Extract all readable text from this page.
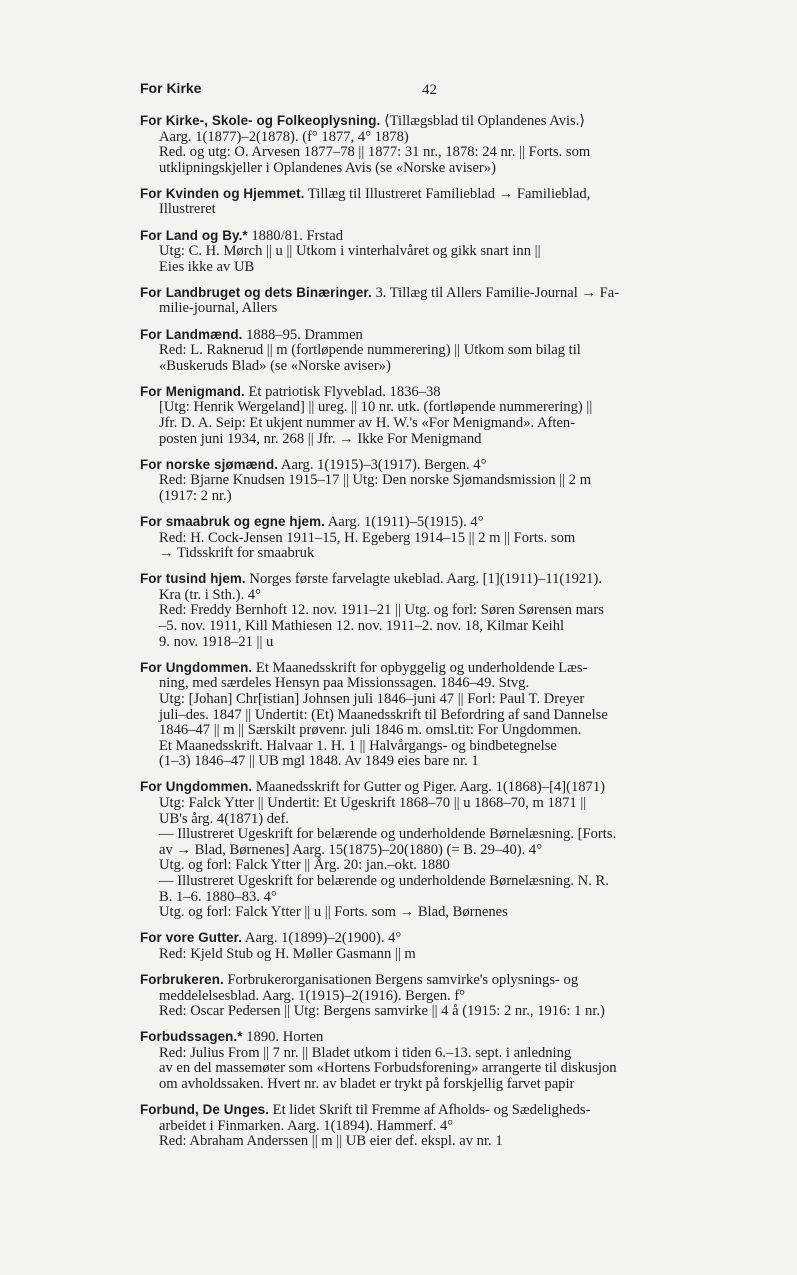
For Kirke	42
For Kirke-, Skole- og Folkeoplysning. ⟨Tillægsblad til Oplandenes Avis.⟩
Aarg. 1(1877)–2(1878). (f° 1877, 4° 1878)
Red. og utg: O. Arvesen 1877–78 || 1877: 31 nr., 1878: 24 nr. || Forts. som
utklipningskjeller i Oplandenes Avis (se «Norske aviser»)
For Kvinden og Hjemmet. Tillæg til Illustreret Familieblad → Familieblad,
Illustreret
For Land og By.* 1880/81. Frstad
Utg: C. H. Mørch || u || Utkom i vinterhalvåret og gikk snart inn ||
Eies ikke av UB
For Landbruget og dets Binæringer. 3. Tillæg til Allers Familie-Journal → Fa-
milie-journal, Allers
For Landmænd. 1888–95. Drammen
Red: L. Raknerud || m (fortløpende nummerering) || Utkom som bilag til
«Buskeruds Blad» (se «Norske aviser»)
For Menigmand. Et patriotisk Flyveblad. 1836–38
[Utg: Henrik Wergeland] || ureg. || 10 nr. utk. (fortløpende nummerering) ||
Jfr. D. A. Seip: Et ukjent nummer av H. W.'s «For Menigmand». Aften-
posten juni 1934, nr. 268 || Jfr. → Ikke For Menigmand
For norske sjømænd. Aarg. 1(1915)–3(1917). Bergen. 4°
Red: Bjarne Knudsen 1915–17 || Utg: Den norske Sjømandsmission || 2 m
(1917: 2 nr.)
For smaabruk og egne hjem. Aarg. 1(1911)–5(1915). 4°
Red: H. Cock-Jensen 1911–15, H. Egeberg 1914–15 || 2 m || Forts. som
→ Tidsskrift for smaabruk
For tusind hjem. Norges første farvelagte ukeblad. Aarg. [1](1911)–11(1921).
Kra (tr. i Sth.). 4°
Red: Freddy Bernhoft 12. nov. 1911–21 || Utg. og forl: Søren Sørensen mars
–5. nov. 1911, Kill Mathiesen 12. nov. 1911–2. nov. 18, Kilmar Keihl
9. nov. 1918–21 || u
For Ungdommen. Et Maanedsskrift for opbyggelig og underholdende Læs-
ning, med særdeles Hensyn paa Missionssagen. 1846–49. Stvg.
Utg: [Johan] Chr[istian] Johnsen juli 1846–juni 47 || Forl: Paul T. Dreyer
juli–des. 1847 || Undertit: (Et) Maanedsskrift til Befordring af sand Dannelse
1846–47 || m || Særskilt prøvenr. juli 1846 m. omsl.tit: For Ungdommen.
Et Maanedsskrift. Halvaar 1. H. 1 || Halvårgangs- og bindbetegnelse
(1–3) 1846–47 || UB mgl 1848. Av 1849 eies bare nr. 1
For Ungdommen. Maanedsskrift for Gutter og Piger. Aarg. 1(1868)–[4](1871)
Utg: Falck Ytter || Undertit: Et Ugeskrift 1868–70 || u 1868–70, m 1871 ||
UB's årg. 4(1871) def.
— Illustreret Ugeskrift for belærende og underholdende Børnelæsning. [Forts.
av → Blad, Børnenes] Aarg. 15(1875)–20(1880) (= B. 29–40). 4°
Utg. og forl: Falck Ytter || Årg. 20: jan.–okt. 1880
— Illustreret Ugeskrift for belærende og underholdende Børnelæsning. N. R.
B. 1–6. 1880–83. 4°
Utg. og forl: Falck Ytter || u || Forts. som → Blad, Børnenes
For vore Gutter. Aarg. 1(1899)–2(1900). 4°
Red: Kjeld Stub og H. Møller Gasmann || m
Forbrukeren. Forbrukerorganisationen Bergens samvirke's oplysnings- og
meddelelsesblad. Aarg. 1(1915)–2(1916). Bergen. f°
Red: Oscar Pedersen || Utg: Bergens samvirke || 4 å (1915: 2 nr., 1916: 1 nr.)
Forbudssagen.* 1890. Horten
Red: Julius From || 7 nr. || Bladet utkom i tiden 6.–13. sept. i anledning
av en del massemøter som «Hortens Forbudsforening» arrangerte til diskusjon
om avholdssaken. Hvert nr. av bladet er trykt på forskjellig farvet papir
Forbund, De Unges. Et lidet Skrift til Fremme af Afholds- og Sædeligheds-
arbeidet i Finmarken. Aarg. 1(1894). Hammerf. 4°
Red: Abraham Anderssen || m || UB eier def. ekspl. av nr. 1
